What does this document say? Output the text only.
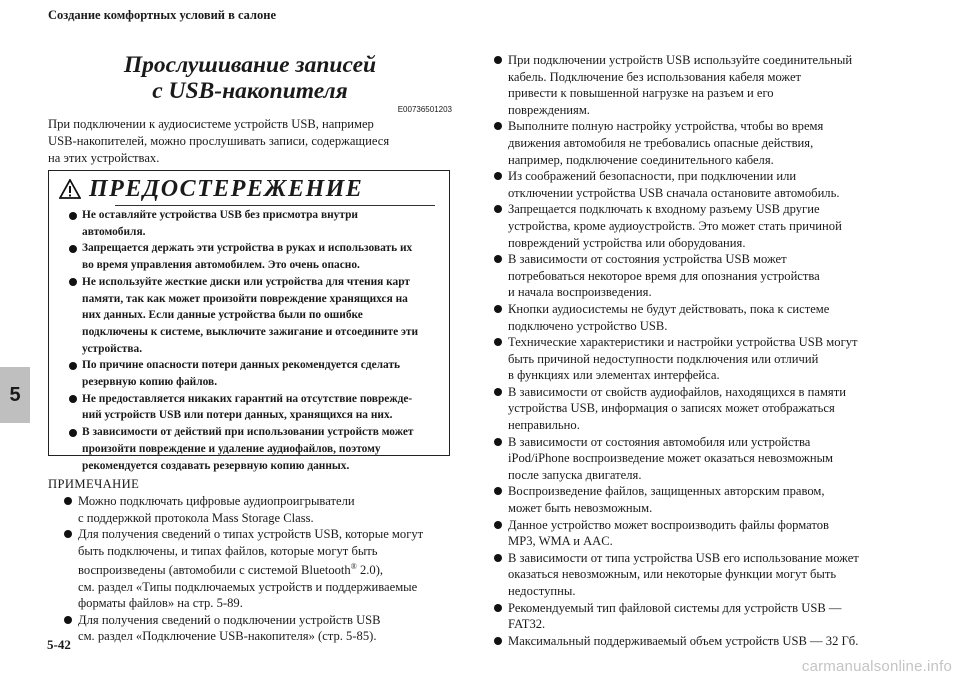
Создание комфортных условий в салоне
5
Прослушивание записей
с USB-накопителя
E00736501203
При подключении к аудиосистеме устройств USB, например
USB-накопителей, можно прослушивать записи, содержащиеся
на этих устройствах.
ПРЕДОСТЕРЕЖЕНИЕ
Не оставляйте устройства USB без присмотра внутри
автомобиля.
Запрещается держать эти устройства в руках и использовать их
во время управления автомобилем. Это очень опасно.
Не используйте жесткие диски или устройства для чтения карт
памяти, так как может произойти повреждение хранящихся на
них данных. Если данные устройства были по ошибке
подключены к системе, выключите зажигание и отсоедините эти
устройства.
По причине опасности потери данных рекомендуется сделать
резервную копию файлов.
Не предоставляется никаких гарантий на отсутствие поврежде-
ний устройств USB или потери данных, хранящихся на них.
В зависимости от действий при использовании устройств может
произойти повреждение и удаление аудиофайлов, поэтому
рекомендуется создавать резервную копию данных.
ПРИМЕЧАНИЕ
Можно подключать цифровые аудиопроигрыватели
с поддержкой протокола Mass Storage Class.
Для получения сведений о типах устройств USB, которые могут
быть подключены, и типах файлов, которые могут быть
воспроизведены (автомобили с системой Bluetooth® 2.0),
см. раздел «Типы подключаемых устройств и поддерживаемые
форматы файлов» на стр. 5-89.
Для получения сведений о подключении устройств USB
см. раздел «Подключение USB-накопителя» (стр. 5-85).
При подключении устройств USB используйте соединительный
кабель. Подключение без использования кабеля может
привести к повышенной нагрузке на разъем и его
повреждениям.
Выполните полную настройку устройства, чтобы во время
движения автомобиля не требовались опасные действия,
например, подключение соединительного кабеля.
Из соображений безопасности, при подключении или
отключении устройства USB сначала остановите автомобиль.
Запрещается подключать к входному разъему USB другие
устройства, кроме аудиоустройств. Это может стать причиной
повреждений устройства или оборудования.
В зависимости от состояния устройства USB может
потребоваться некоторое время для опознания устройства
и начала воспроизведения.
Кнопки аудиосистемы не будут действовать, пока к системе
подключено устройство USB.
Технические характеристики и настройки устройства USB могут
быть причиной недоступности подключения или отличий
в функциях или элементах интерфейса.
В зависимости от свойств аудиофайлов, находящихся в памяти
устройства USB, информация о записях может отображаться
неправильно.
В зависимости от состояния автомобиля или устройства
iPod/iPhone воспроизведение может оказаться невозможным
после запуска двигателя.
Воспроизведение файлов, защищенных авторским правом,
может быть невозможным.
Данное устройство может воспроизводить файлы форматов
MP3, WMA и AAC.
В зависимости от типа устройства USB его использование может
оказаться невозможным, или некоторые функции могут быть
недоступны.
Рекомендуемый тип файловой системы для устройств USB —
FAT32.
Максимальный поддерживаемый объем устройств USB — 32 Гб.
5-42
carmanualsonline.info
